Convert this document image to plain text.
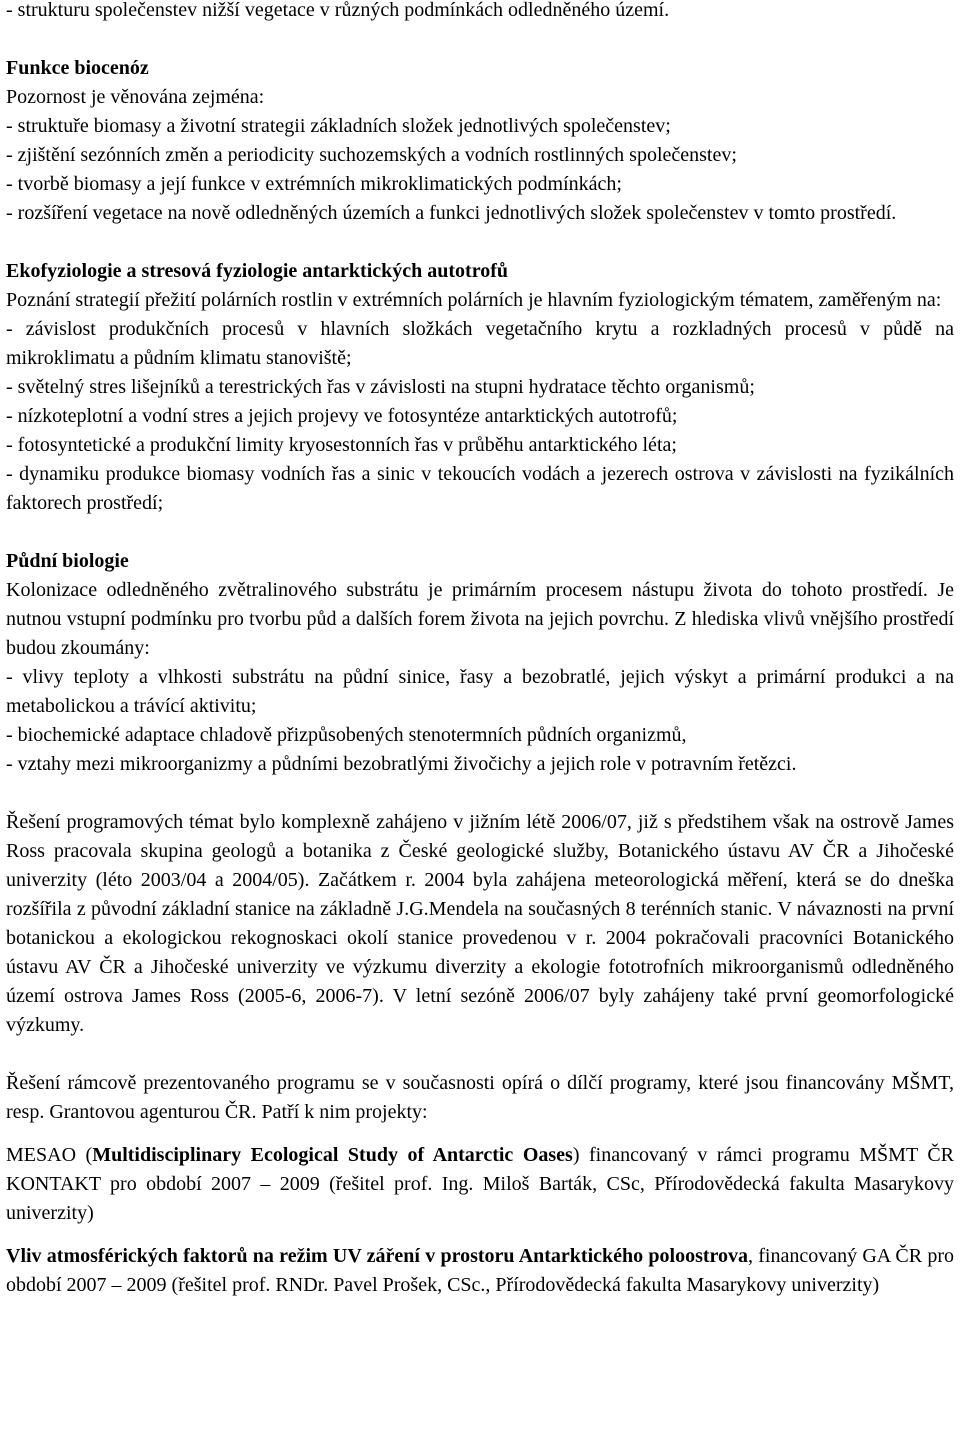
- strukturu společenstev nižší vegetace v různých podmínkách odledněného území.

Funkce biocenóz

Pozornost je věnována zejména:

- struktuře biomasy a životní strategii základních složek jednotlivých společenstev;

- zjištění sezónních změn a periodicity suchozemských a vodních rostlinných společenstev;

- tvorbě biomasy a její funkce v extrémních mikroklimatických podmínkách;

- rozšíření vegetace na nově odledněných územích a funkci jednotlivých složek společenstev v tomto prostředí.

Ekofyziologie a stresová fyziologie antarktických autotrofů

Poznání strategií přežití polárních rostlin v extrémních polárních je hlavním fyziologickým tématem, zaměřeným na:

- závislost produkčních procesů v hlavních složkách vegetačního krytu a rozkladných procesů v půdě na mikroklimatu a půdním klimatu stanoviště;

- světelný stres lišejníků a terestrických řas v závislosti na stupni hydratace těchto organismů;

- nízkoteplotní a vodní stres a jejich projevy ve fotosyntéze antarktických autotrofů;

- fotosyntetické a produkční limity kryosestonních řas v průběhu antarktického léta;

- dynamiku produkce biomasy vodních řas a sinic v tekoucích vodách a jezerech ostrova v závislosti na fyzikálních faktorech prostředí;

Půdní biologie

Kolonizace odledněného zvětralinového substrátu je primárním procesem nástupu života do tohoto prostředí. Je nutnou vstupní podmínku pro tvorbu půd a dalších forem života na jejich povrchu. Z hlediska vlivů vnějšího prostředí budou zkoumány:

- vlivy teploty a vlhkosti substrátu na půdní sinice, řasy a bezobratlé, jejich výskyt a primární produkci a na metabolickou a trávící aktivitu;

- biochemické adaptace chladově přizpůsobených stenotermních půdních organizmů,

- vztahy mezi mikroorganizmy a půdními bezobratlými živočichy a jejich role v potravním řetězci.

Řešení programových témat bylo komplexně zahájeno v jižním létě 2006/07, již s předstihem však na ostrově James Ross pracovala skupina geologů a botanika z České geologické služby, Botanického ústavu AV ČR a Jihočeské univerzity (léto 2003/04 a 2004/05). Začátkem r. 2004 byla zahájena meteorologická měření, která se do dneška rozšířila z původní základní stanice na základně J.G.Mendela na současných 8 terénních stanic. V návaznosti na první botanickou a ekologickou rekognoskaci okolí stanice provedenou v r. 2004 pokračovali pracovníci Botanického ústavu AV ČR a Jihočeské univerzity ve výzkumu diverzity a ekologie fototrofních mikroorganismů odledněného území ostrova James Ross (2005-6, 2006-7). V letní sezóně 2006/07 byly zahájeny také první geomorfologické výzkumy.

Řešení rámcově prezentovaného programu se v současnosti opírá o dílčí programy, které jsou financovány MŠMT, resp. Grantovou agenturou ČR. Patří k nim projekty:

MESAO (Multidisciplinary Ecological Study of Antarctic Oases) financovaný v rámci programu MŠMT ČR KONTAKT pro období 2007 – 2009 (řešitel prof. Ing. Miloš Barták, CSc, Přírodovědecká fakulta Masarykovy univerzity)

Vliv atmosférických faktorů na režim UV záření v prostoru Antarktického poloostrova, financovaný GA ČR pro období 2007 – 2009 (řešitel prof. RNDr. Pavel Prošek, CSc., Přírodovědecká fakulta Masarykovy univerzity)
